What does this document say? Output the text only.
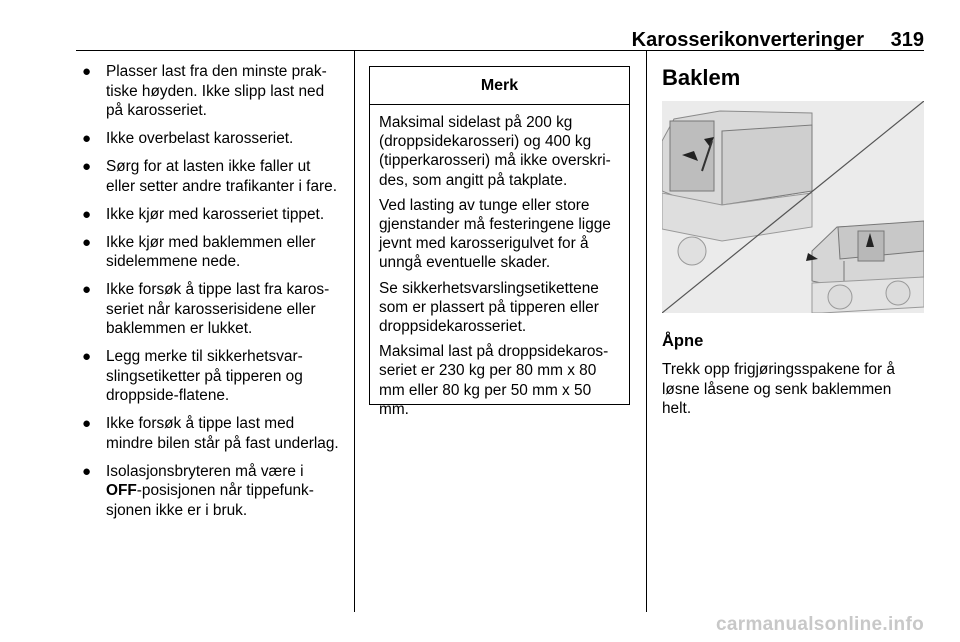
Karosserikonverteringer 319
● Plasser last fra den minste praktiske høyden. Ikke slipp last ned på karosseriet.
● Ikke overbelast karosseriet.
● Sørg for at lasten ikke faller ut eller setter andre trafikanter i fare.
● Ikke kjør med karosseriet tippet.
● Ikke kjør med baklemmen eller sidelemmene nede.
● Ikke forsøk å tippe last fra karosseriet når karosserisidene eller baklemmen er lukket.
● Legg merke til sikkerhetsvarslingsetiketter på tipperen og droppside-flatene.
● Ikke forsøk å tippe last med mindre bilen står på fast underlag.
● Isolasjonsbryteren må være i OFF-posisjonen når tippefunksjonen ikke er i bruk.
Merk

Maksimal sidelast på 200 kg (droppsidekarosseri) og 400 kg (tipperkarosseri) må ikke overskrides, som angitt på takplate.

Ved lasting av tunge eller store gjenstander må festeringene ligge jevnt med karosserigulvet for å unngå eventuelle skader.

Se sikkerhetsvarslingsetikettene som er plassert på tipperen eller droppsidekarosseriet.

Maksimal last på droppsidekarosseriet er 230 kg per 80 mm x 80 mm eller 80 kg per 50 mm x 50 mm.

Baklem
Åpne
Trekk opp frigjøringsspakene for å løsne låsene og senk baklemmen helt.
carmanualsonline.info
